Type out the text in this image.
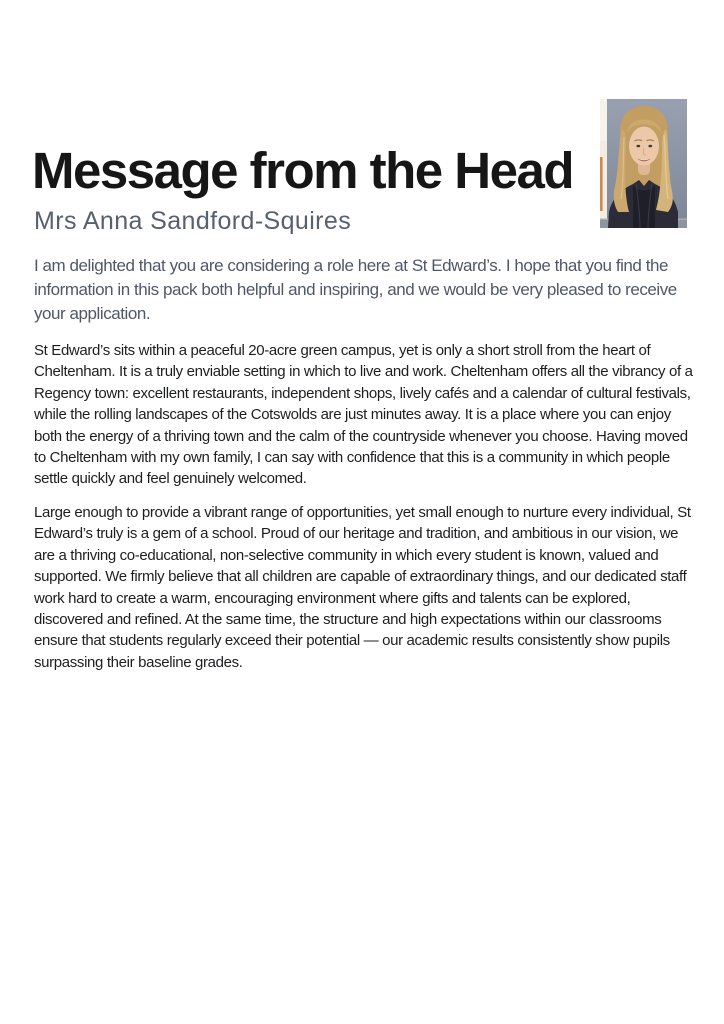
Message from the Head
Mrs Anna Sandford-Squires

I am delighted that you are considering a role here at St Edward’s. I hope that you find the information in this pack both helpful and inspiring, and we would be very pleased to receive your application.

St Edward’s sits within a peaceful 20-acre green campus, yet is only a short stroll from the heart of Cheltenham. It is a truly enviable setting in which to live and work. Cheltenham offers all the vibrancy of a Regency town: excellent restaurants, independent shops, lively cafés and a calendar of cultural festivals, while the rolling landscapes of the Cotswolds are just minutes away. It is a place where you can enjoy both the energy of a thriving town and the calm of the countryside whenever you choose. Having moved to Cheltenham with my own family, I can say with confidence that this is a community in which people settle quickly and feel genuinely welcomed.

Large enough to provide a vibrant range of opportunities, yet small enough to nurture every individual, St Edward’s truly is a gem of a school. Proud of our heritage and tradition, and ambitious in our vision, we are a thriving co-educational, non-selective community in which every student is known, valued and supported. We firmly believe that all children are capable of extraordinary things, and our dedicated staff work hard to create a warm, encouraging environment where gifts and talents can be explored, discovered and refined. At the same time, the structure and high expectations within our classrooms ensure that students regularly exceed their potential — our academic results consistently show pupils surpassing their baseline grades.
